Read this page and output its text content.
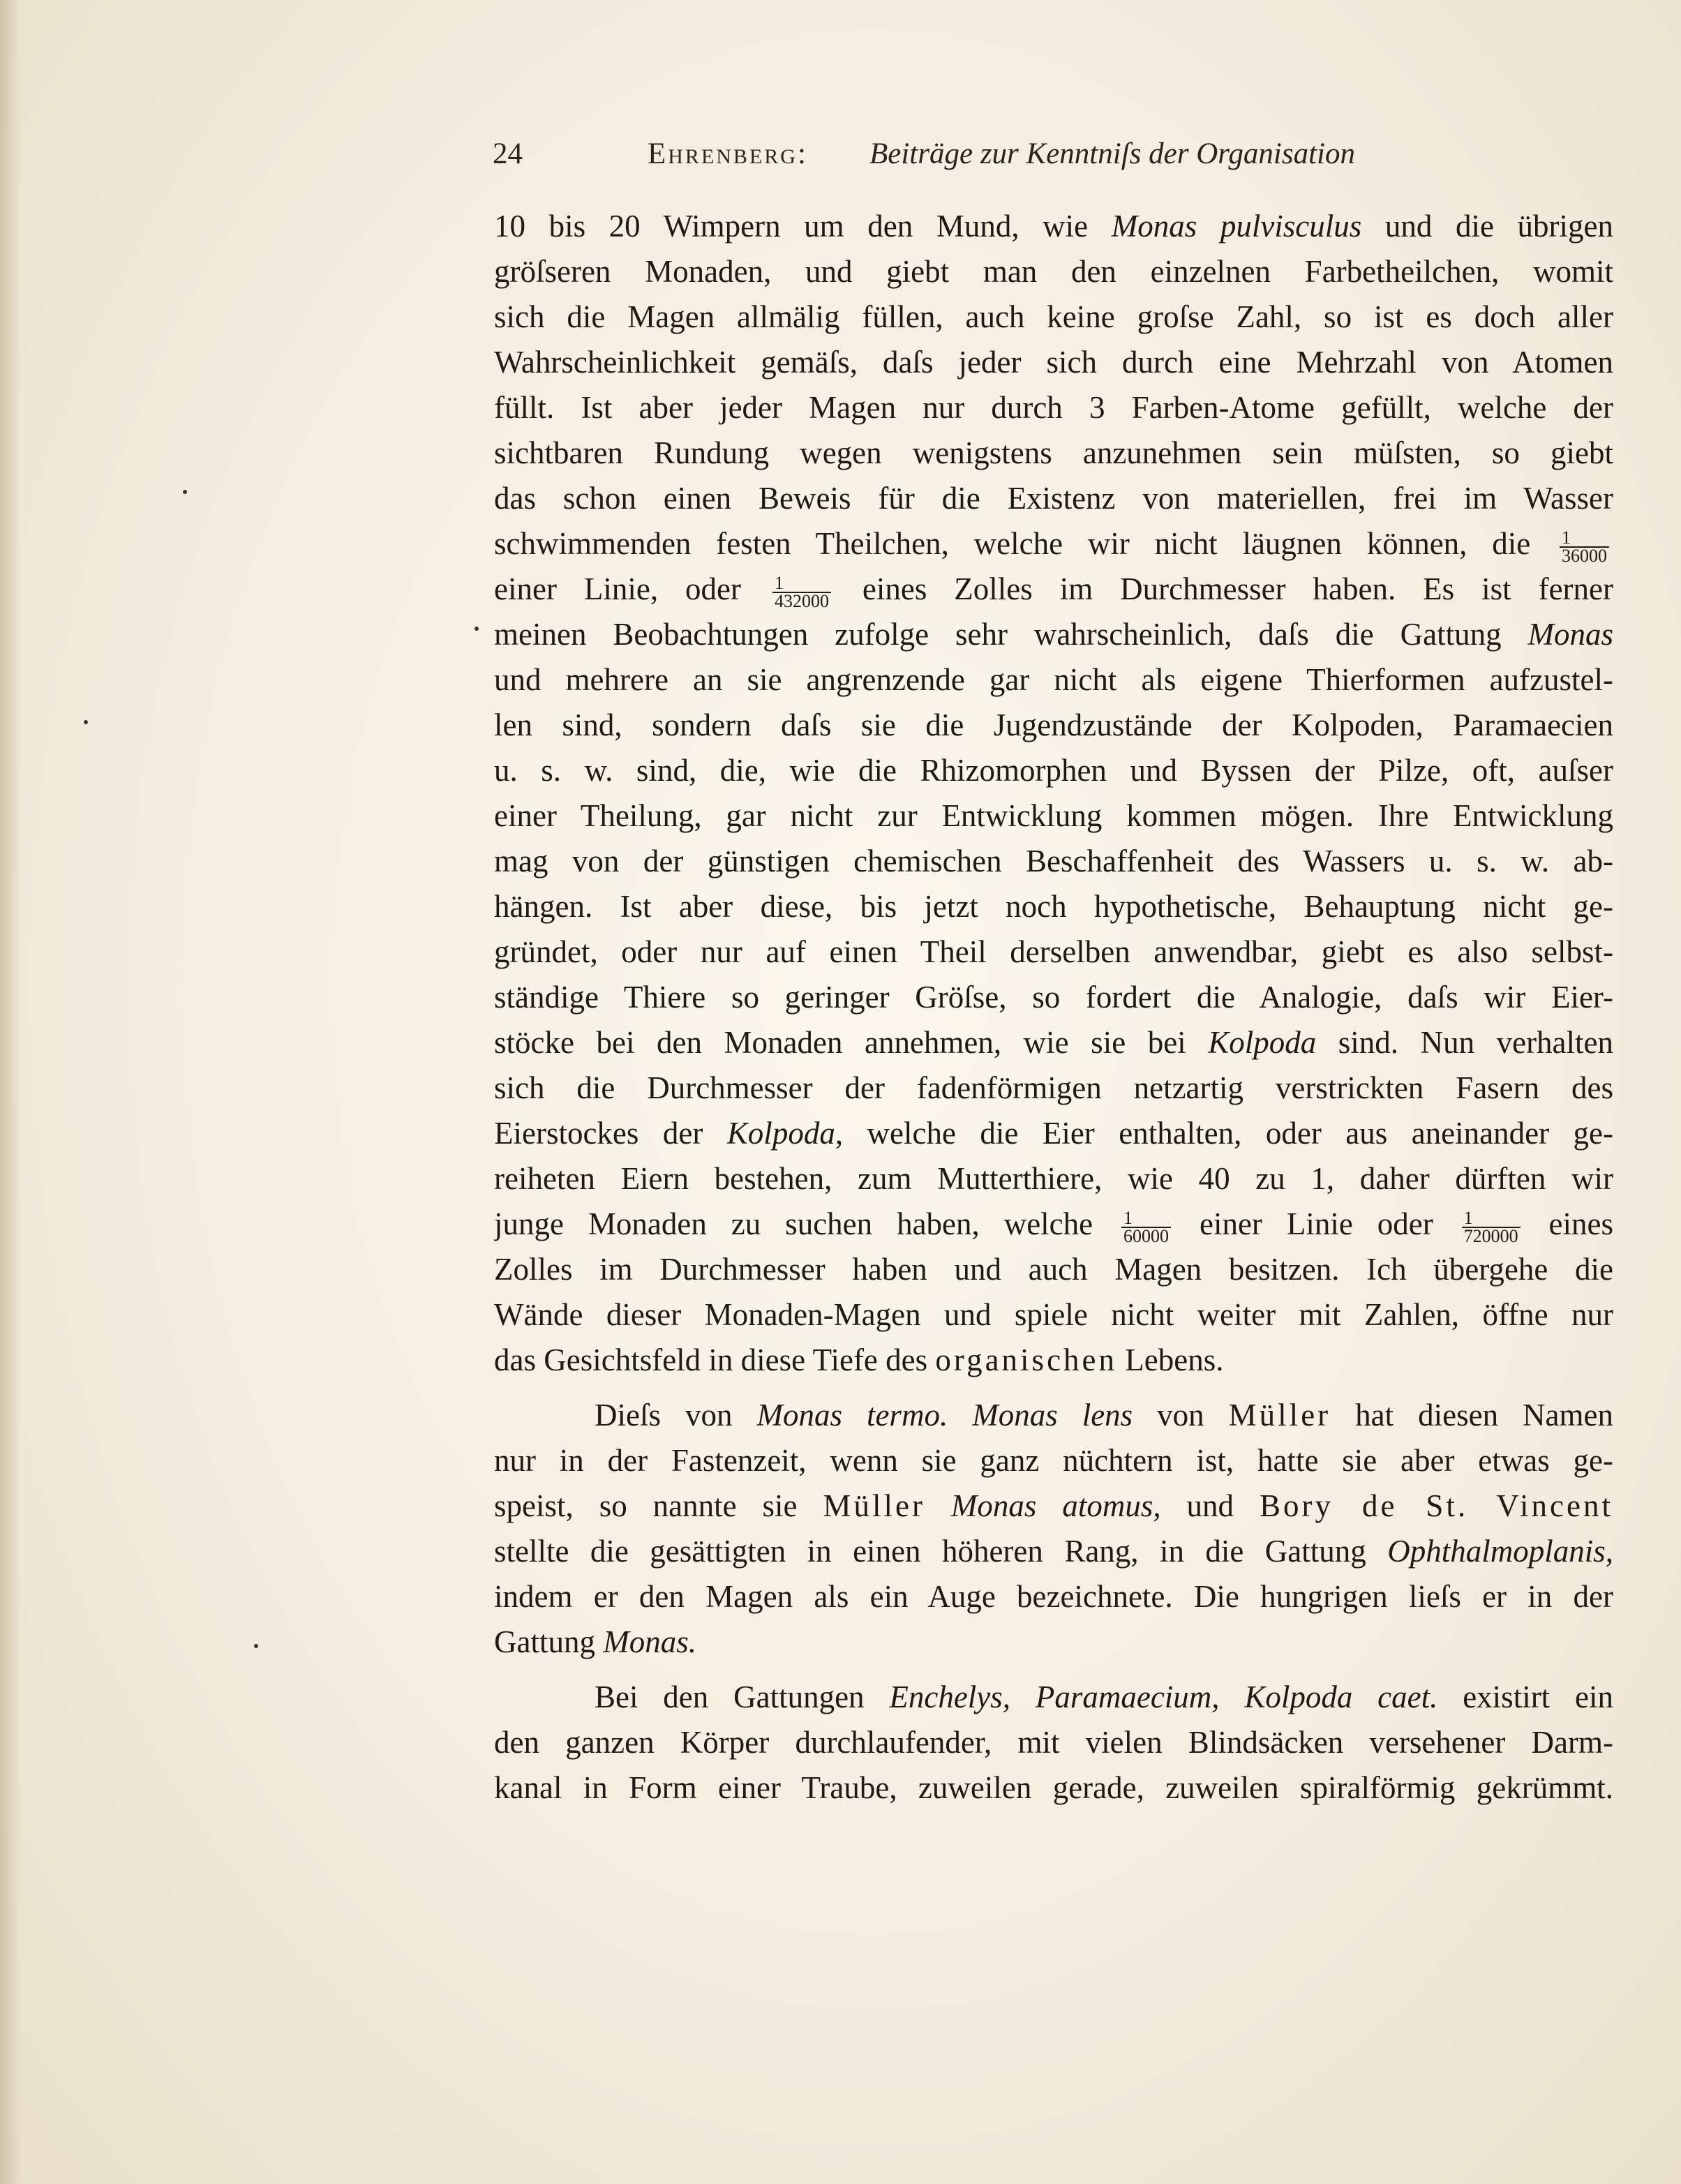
24	Ehrenberg: Beiträge zur Kenntniſs der Organisation
10 bis 20 Wimpern um den Mund, wie Monas pulvisculus und die übrigen
gröſseren Monaden, und giebt man den einzelnen Farbetheilchen, womit
sich die Magen allmälig füllen, auch keine groſse Zahl, so ist es doch aller
Wahrscheinlichkeit gemäſs, daſs jeder sich durch eine Mehrzahl von Atomen
füllt. Ist aber jeder Magen nur durch 3 Farben-Atome gefüllt, welche der
sichtbaren Rundung wegen wenigstens anzunehmen sein müſsten, so giebt
das schon einen Beweis für die Existenz von materiellen, frei im Wasser
schwimmenden festen Theilchen, welche wir nicht läugnen können, die $\frac{1}{36000}$
einer Linie, oder $\frac{1}{432000}$ eines Zolles im Durchmesser haben. Es ist ferner
meinen Beobachtungen zufolge sehr wahrscheinlich, daſs die Gattung Monas
und mehrere an sie angrenzende gar nicht als eigene Thierformen aufzustel-
len sind, sondern daſs sie die Jugendzustände der Kolpoden, Paramaecien
u. s. w. sind, die, wie die Rhizomorphen und Byssen der Pilze, oft, auſser
einer Theilung, gar nicht zur Entwicklung kommen mögen. Ihre Entwicklung
mag von der günstigen chemischen Beschaffenheit des Wassers u. s. w. ab-
hängen. Ist aber diese, bis jetzt noch hypothetische, Behauptung nicht ge-
gründet, oder nur auf einen Theil derselben anwendbar, giebt es also selbst-
ständige Thiere so geringer Gröſse, so fordert die Analogie, daſs wir Eier-
stöcke bei den Monaden annehmen, wie sie bei Kolpoda sind. Nun verhalten
sich die Durchmesser der fadenförmigen netzartig verstrickten Fasern des
Eierstockes der Kolpoda, welche die Eier enthalten, oder aus aneinander ge-
reiheten Eiern bestehen, zum Mutterthiere, wie 40 zu 1, daher dürften wir
junge Monaden zu suchen haben, welche $\frac{1}{60000}$ einer Linie oder $\frac{1}{720000}$ eines
Zolles im Durchmesser haben und auch Magen besitzen. Ich übergehe die
Wände dieser Monaden-Magen und spiele nicht weiter mit Zahlen, öffne nur
das Gesichtsfeld in diese Tiefe des organischen Lebens.
Dieſs von Monas termo. Monas lens von Müller hat diesen Namen
nur in der Fastenzeit, wenn sie ganz nüchtern ist, hatte sie aber etwas ge-
speist, so nannte sie Müller Monas atomus, und Bory de St. Vincent
stellte die gesättigten in einen höheren Rang, in die Gattung Ophthalmoplanis,
indem er den Magen als ein Auge bezeichnete. Die hungrigen lieſs er in der
Gattung Monas.
Bei den Gattungen Enchelys, Paramaecium, Kolpoda caet. existirt ein
den ganzen Körper durchlaufender, mit vielen Blindsäcken versehener Darm-
kanal in Form einer Traube, zuweilen gerade, zuweilen spiralförmig gekrümmt.
